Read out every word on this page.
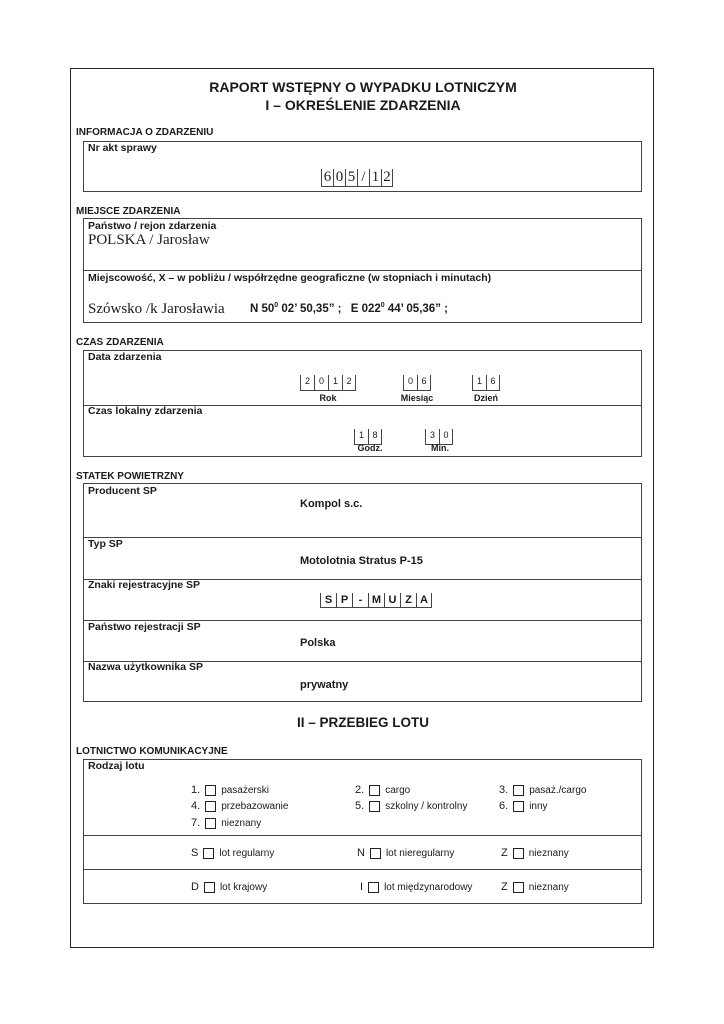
RAPORT WSTĘPNY O WYPADKU LOTNICZYM
I – OKREŚLENIE ZDARZENIA
INFORMACJA O ZDARZENIU
Nr akt sprawy
6 0 5 / 1 2
MIEJSCE ZDARZENIA
Państwo / rejon zdarzenia
POLSKA / Jarosław
Miejscowość, X – w pobliżu / współrzędne geograficzne (w stopniach i minutach)
Szówsko /k Jarosławia N $50^0$ 02’ 50,35” ; E $022^0$ 44’ 05,36” ;
CZAS ZDARZENIA
Data zdarzenia
2 0 1 2	0 6	1 6
Rok	Miesiąc	Dzień
Czas lokalny zdarzenia
1 8	3 0
Godz.	Min.
STATEK POWIETRZNY
Producent SP
Kompol s.c.
Typ SP
Motolotnia Stratus P-15
Znaki rejestracyjne SP
S P - M U Z A
Państwo rejestracji SP
Polska
Nazwa użytkownika SP
prywatny
II – PRZEBIEG LOTU
LOTNICTWO KOMUNIKACYJNE
Rodzaj lotu
1. pasażerski	2. cargo	3. pasaż./cargo
4. przebazowanie	5. szkolny / kontrolny	6. inny
7. nieznany
S lot regularny	N lot nieregularny	Z nieznany
D lot krajowy	I lot międzynarodowy	Z nieznany
